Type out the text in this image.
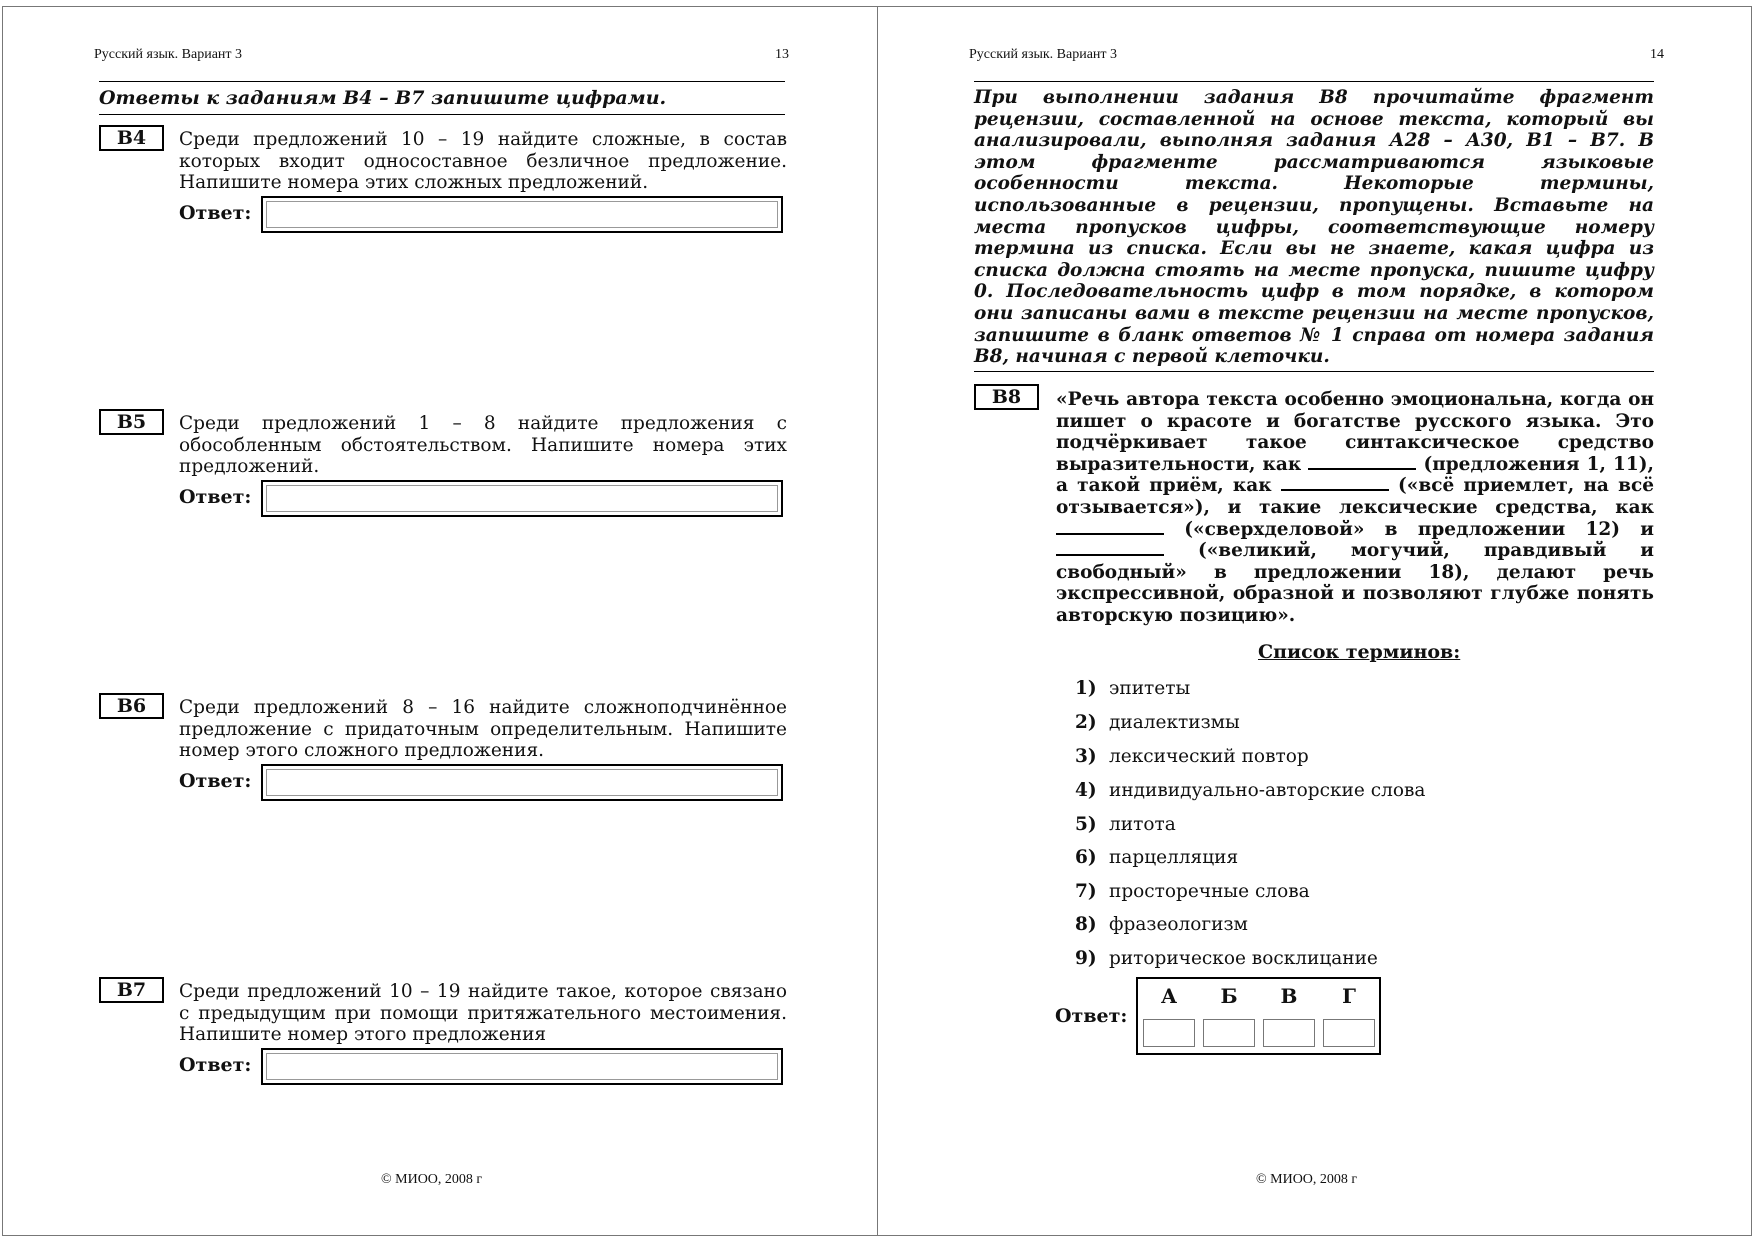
Русский язык. Вариант 3	13
Ответы к заданиям В4 – В7 запишите цифрами.
В4	Среди предложений 10 – 19 найдите сложные, в состав которых входит односоставное безличное предложение. Напишите номера этих сложных предложений.
Ответ:
В5	Среди предложений 1 – 8 найдите предложения с обособленным обстоятельством. Напишите номера этих предложений.
Ответ:
В6	Среди предложений 8 – 16 найдите сложноподчинённое предложение с придаточным определительным. Напишите номер этого сложного предложения.
Ответ:
В7	Среди предложений 10 – 19 найдите такое, которое связано с предыдущим при помощи притяжательного местоимения. Напишите номер этого предложения
Ответ:
© МИОО, 2008 г
Русский язык. Вариант 3	14
При выполнении задания В8 прочитайте фрагмент рецензии, составленной на основе текста, который вы анализировали, выполняя задания А28 – А30, В1 – В7. В этом фрагменте рассматриваются языковые особенности текста. Некоторые термины, использованные в рецензии, пропущены. Вставьте на места пропусков цифры, соответствующие номеру термина из списка. Если вы не знаете, какая цифра из списка должна стоять на месте пропуска, пишите цифру 0. Последовательность цифр в том порядке, в котором они записаны вами в тексте рецензии на месте пропусков, запишите в бланк ответов № 1 справа от номера задания В8, начиная с первой клеточки.
В8	«Речь автора текста особенно эмоциональна, когда он пишет о красоте и богатстве русского языка. Это подчёркивает такое синтаксическое средство выразительности, как	(предложения 1, 11), а такой приём, как	(«всё приемлет, на всё отзывается»), и такие лексические средства, как  («сверхделовой» в предложении 12) и  («великий, могучий, правдивый и свободный» в предложении 18), делают речь экспрессивной, образной и позволяют глубже понять авторскую позицию».
Список терминов:
1) эпитеты
2) диалектизмы
3) лексический повтор
4) индивидуально-авторские слова
5) литота
6) парцелляция
7) просторечные слова
8) фразеологизм
9) риторическое восклицание
Ответ:
А	Б	В	Г
© МИОО, 2008 г
